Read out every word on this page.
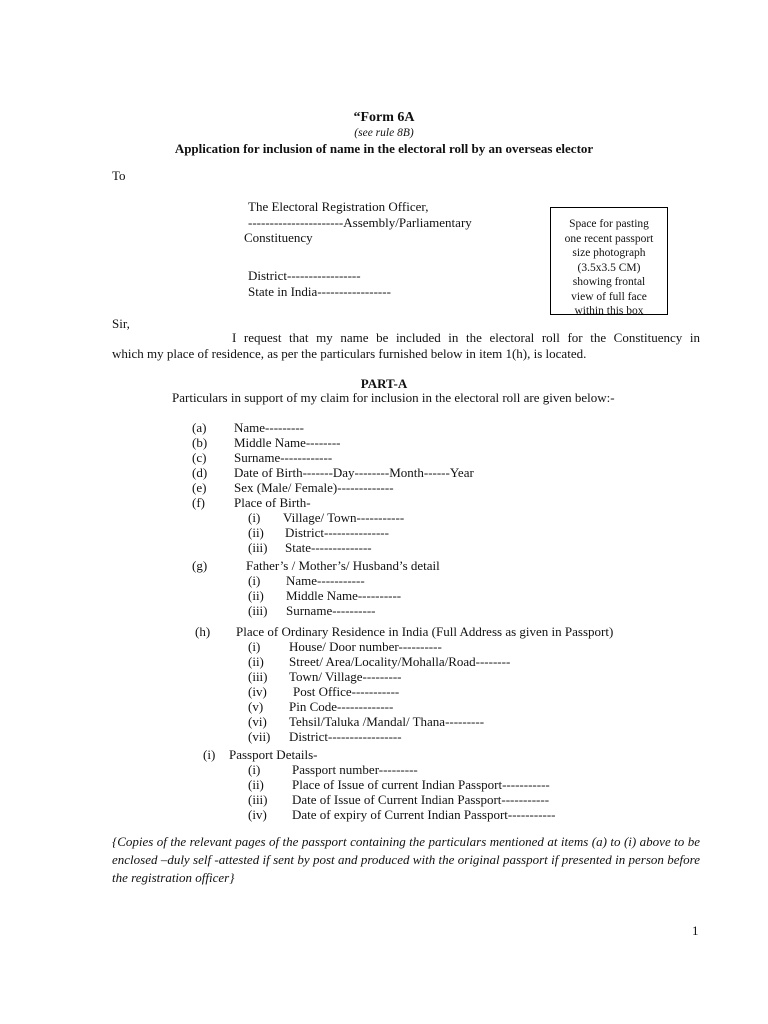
“Form 6A
(see rule 8B)
Application for inclusion of name in the electoral roll by an overseas elector
To
The Electoral Registration Officer,
----------------------Assembly/Parliamentary
Constituency
District-----------------
State in India-----------------
Space for pasting
one recent passport
size photograph
(3.5x3.5 CM)
showing frontal
view of full face
within this box
Sir,
I request that my name be included in the electoral roll for the Constituency in
which my place of residence, as per the particulars furnished below in item 1(h), is located.
PART-A
Particulars in support of my claim for inclusion in the electoral roll are given below:-
(a) Name---------
(b) Middle Name--------
(c) Surname------------
(d) Date of Birth-------Day--------Month------Year
(e) Sex (Male/ Female)-------------
(f) Place of Birth-
(i) Village/ Town-----------
(ii) District---------------
(iii) State--------------
(g)	Father’s / Mother’s/ Husband’s detail
(i) Name-----------
(ii) Middle Name----------
(iii) Surname----------
(h) Place of Ordinary Residence in India (Full Address as given in Passport)
(i) House/ Door number----------
(ii) Street/ Area/Locality/Mohalla/Road--------
(iii) Town/ Village---------
(iv) Post Office-----------
(v) Pin Code-------------
(vi) Tehsil/Taluka /Mandal/ Thana---------
(vii) District-----------------
(i) Passport Details-
(i) Passport number---------
(ii) Place of Issue of current Indian Passport-----------
(iii) Date of Issue of Current Indian Passport-----------
(iv) Date of expiry of Current Indian Passport-----------
{Copies of the relevant pages of the passport containing the particulars mentioned at items (a) to (i) above to be enclosed –duly self -attested if sent by post and produced with the original passport if presented in person before the registration officer}
1
